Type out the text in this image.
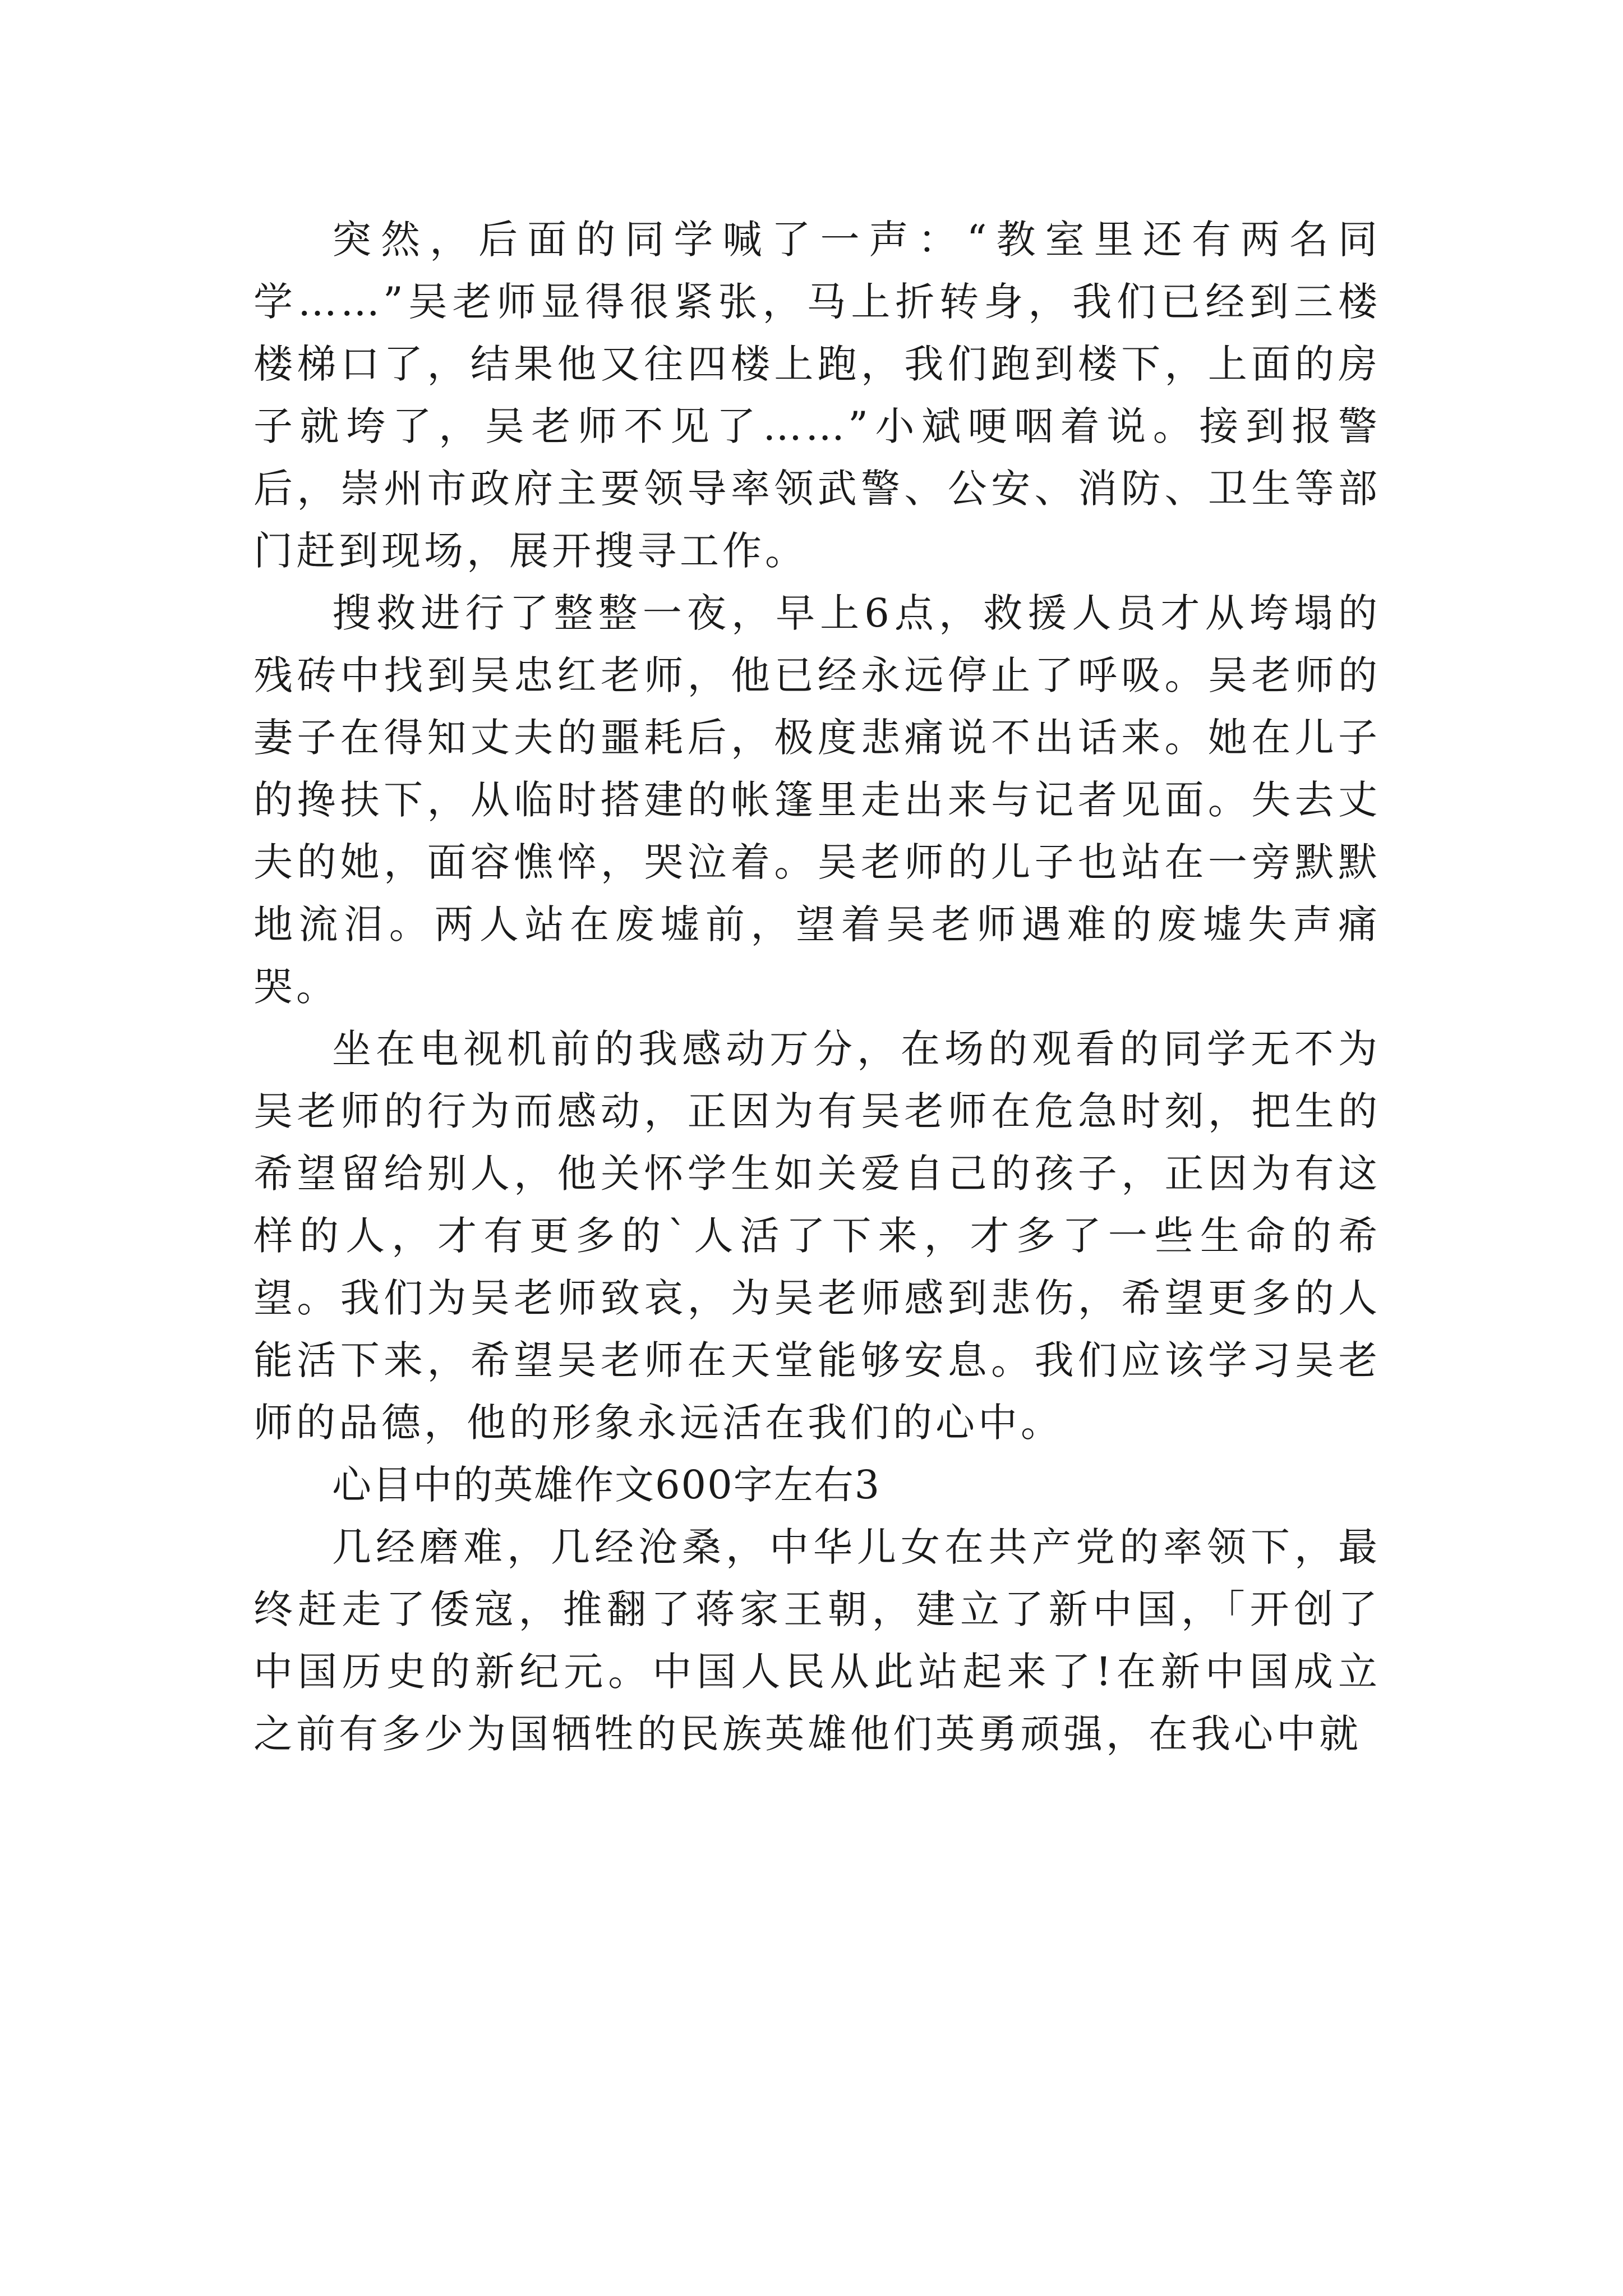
突然，后面的同学喊了一声：“教室里还有两名同学……”吴老师显得很紧张，马上折转身，我们已经到三楼楼梯口了，结果他又往四楼上跑，我们跑到楼下，上面的房子就垮了，吴老师不见了……”小斌哽咽着说。接到报警后，崇州市政府主要领导率领武警、公安、消防、卫生等部门赶到现场，展开搜寻工作。

搜救进行了整整一夜，早上6点，救援人员才从垮塌的残砖中找到吴忠红老师，他已经永远停止了呼吸。吴老师的妻子在得知丈夫的噩耗后，极度悲痛说不出话来。她在儿子的搀扶下，从临时搭建的帐篷里走出来与记者见面。失去丈夫的她，面容憔悴，哭泣着。吴老师的儿子也站在一旁默默地流泪。两人站在废墟前，望着吴老师遇难的废墟失声痛哭。

坐在电视机前的我感动万分，在场的观看的同学无不为吴老师的行为而感动，正因为有吴老师在危急时刻，把生的希望留给别人，他关怀学生如关爱自己的孩子，正因为有这样的人，才有更多的`人活了下来，才多了一些生命的希望。我们为吴老师致哀，为吴老师感到悲伤，希望更多的人能活下来，希望吴老师在天堂能够安息。我们应该学习吴老师的品德，他的形象永远活在我们的心中。

心目中的英雄作文600字左右3

几经磨难，几经沧桑，中华儿女在共产党的率领下，最终赶走了倭寇，推翻了蒋家王朝，建立了新中国，「开创了中国历史的新纪元。中国人民从此站起来了!在新中国成立之前有多少为国牺牲的民族英雄他们英勇顽强，在我心中就
